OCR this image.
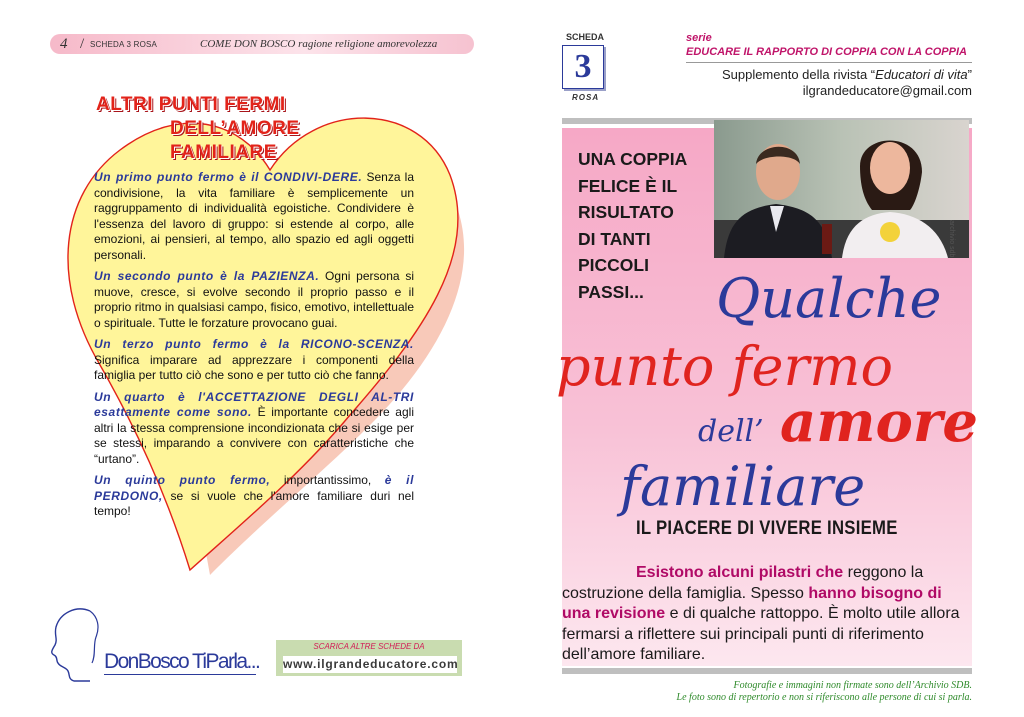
4 / SCHEDA 3 ROSA	COME DON BOSCO ragione religione amorevolezza
ALTRI PUNTI FERMI
DELL’AMORE
FAMILIARE

Un primo punto fermo è il CONDIVI-DERE. Senza la condivisione, la vita familiare è semplicemente un raggruppamento di individualità egoistiche. Condividere è l'essenza del lavoro di gruppo: si estende al corpo, alle emozioni, ai pensieri, al tempo, allo spazio ed agli oggetti personali.

Un secondo punto è la PAZIENZA. Ogni persona si muove, cresce, si evolve secondo il proprio passo e il proprio ritmo in qualsiasi campo, fisico, emotivo, intellettuale o spirituale. Tutte le forzature provocano guai.

Un terzo punto fermo è la RICONO-SCENZA. Significa imparare ad apprezzare i componenti della famiglia per tutto ciò che sono e per tutto ciò che fanno.

Un quarto è l'ACCETTAZIONE DEGLI AL-TRI esattamente come sono. È importante concedere agli altri la stessa comprensione incondizionata che si esige per se stessi, imparando a convivere con caratteristiche che “urtano”.

Un quinto punto fermo, importantissimo, è il PERDONO, se si vuole che l'amore familiare duri nel tempo!

DonBosco TiParla...
SCARICA ALTRE SCHEDE DA
www.ilgrandeducatore.com
SCHEDA
3
ROSA
serie
EDUCARE IL RAPPORTO DI COPPIA CON LA COPPIA
Supplemento della rivista “Educatori di vita”
ilgrandeducatore@gmail.com
archivio sdb
UNA COPPIA
FELICE È IL
RISULTATO
DI TANTI
PICCOLI
PASSI...	Qualche
punto fermo
dell’ amore
familiare
IL PIACERE DI VIVERE INSIEME
Esistono alcuni pilastri che reggono la costruzione della famiglia. Spesso hanno bisogno di una revisione e di qualche rattoppo. È molto utile allora fermarsi a riflettere sui principali punti di riferimento dell’amore familiare.
Fotografie e immagini non firmate sono dell’Archivio SDB.
Le foto sono di repertorio e non si riferiscono alle persone di cui si parla.
